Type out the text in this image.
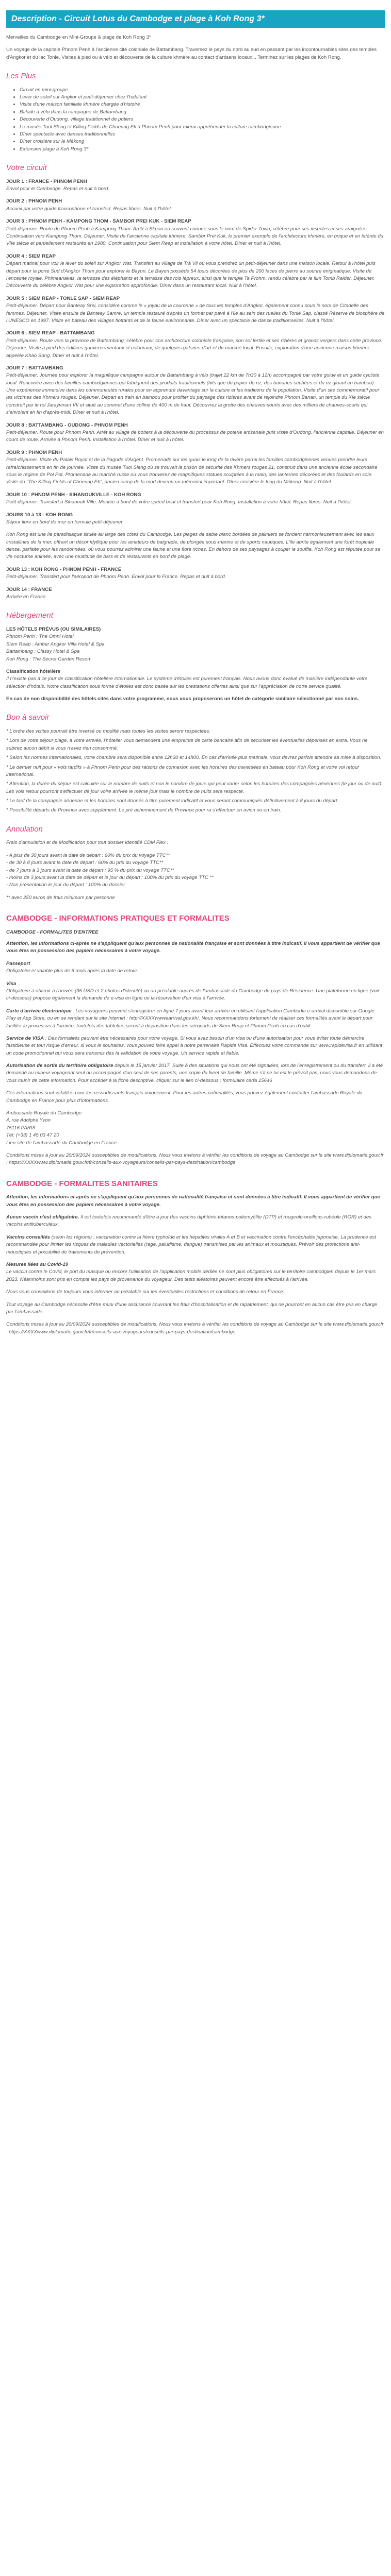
Description - Circuit Lotus du Cambodge et plage à Koh Rong 3*

Merveilles du Cambodge en Mini-Groupe & plage de Koh Rong 3*

Un voyage de la capitale Phnom Penh à l'ancienne cité coloniale de Battambang. Traversez le pays du nord au sud en passant par les incontournables sites des temples d'Angkor et du lac Tonle. Visites à pied ou à vélo et découverte de la culture khmère au contact d'artisans locaux... Terminez sur les plages de Koh Rong.

Les Plus
• Circuit en mini-groupe
• Lever de soleil sur Angkor et petit-déjeuner chez l'habitant
• Visite d'une maison familiale khmère chargée d'histoire
• Balade à vélo dans la campagne de Battambang
• Découverte d'Oudong, village traditionnel de potiers
• Le musée Tuol Sleng et Killing Fields de Choeung Ek à Phnom Penh pour mieux appréhender la culture cambodgienne
• Dîner spectacle avec danses traditionnelles
• Dîner croisière sur le Mékong
• Extension plage à Koh Rong 3*
Votre circuit
JOUR 1 : FRANCE - PHNOM PENH

Envol pour le Cambodge. Repas et nuit à bord.

JOUR 2 : PHNOM PENH

Accueil par votre guide francophone et transfert. Repas libres. Nuit à l'hôtel.

JOUR 3 : PHNOM PENH - KAMPONG THOM - SAMBOR PREI KUK - SIEM REAP

Petit-déjeuner. Route de Phnom Penh à Kampong Thom. Arrêt à Skuon où souvent connue sous le nom de Spider Town, célèbre pour ses insectes et ses araignées. Continuation vers Kampong Thom. Déjeuner. Visite de l'ancienne capitale khmère, Sambor Prei Kuk, le premier exemple de l'architecture khmère, en brique et en latérite du VIIe siècle et partiellement restaurés en 1980. Continuation pour Siem Reap et installation à votre hôtel. Dîner et nuit à l'hôtel.

JOUR 4 : SIEM REAP

Départ matinal pour voir le lever du soleil sur Angkor Wat. Transfert au village de Trâ Vil où vous prendrez un petit-déjeuner dans une maison locale. Retour à l'hôtel puis départ pour la porte Sud d'Angkor Thom pour explorer le Bayon. Le Bayon possède 54 tours décorées de plus de 200 faces de pierre au sourire énigmatique. Visite de l'enceinte royale, Phimeanakas, la terrasse des éléphants et la terrasse des rois lépreux, ainsi que le temple Ta Prohm, rendu célèbre par le film Tomb Raider. Déjeuner. Découverte du célèbre Angkor Wat pour une exploration approfondie. Dîner dans un restaurant local. Nuit à l'hôtel.

JOUR 5 : SIEM REAP - TONLE SAP - SIEM REAP

Petit-déjeuner. Départ pour Banteay Srei, considéré comme le « joyau de la couronne » de tous les temples d'Angkor, également connu sous le nom de Citadelle des femmes. Déjeuner. Visite ensuite de Banteay Samre, un temple restauré d'après un format par pavé à l'île au sein des ruelles du Tonlé Sap, classé Réserve de biosphère de l'UNESCO en 1997. Visite en bateau des villages flottants et de la faune environnante. Dîner avec un spectacle de danse traditionnelles. Nuit à l'hôtel.

JOUR 6 : SIEM REAP - BATTAMBANG

Petit-déjeuner. Route vers la province de Battambang, célèbre pour son architecture coloniale française, son sol fertile et ses rizières et grands vergers dans cette province. Déjeuner. Visite à pied des édifices gouvernementaux et coloniaux, de quelques galeries d'art et du marché local. Ensuite, exploration d'une ancienne maison khmère appelée Khao Song. Dîner et nuit à l'hôtel.

JOUR 7 : BATTAMBANG

Petit-déjeuner. Journée pour explorer la magnifique campagne autour de Battambang à vélo (trajet 22 km de 7h30 à 12h) accompagné par votre guide et un guide cycliste local. Rencontre avec des familles cambodgiennes qui fabriquent des produits traditionnels (bits que du papier de riz, des bananes séchées et du riz gluant en bambou). Une expérience immersive dans les communautés rurales pour en apprendre davantage sur la culture et les traditions de la population. Visite d'un site commémoratif pour les victimes des Khmers rouges. Déjeuner. Départ en train en bambou pour profiter du paysage des rizières avant de rejoindre Phnom Banan, un temple du XIe siècle construit par le roi Jarayvman VII et situé au sommet d'une colline de 400 m de haut. Découvrez la grotte des chauves-souris avec des milliers de chauves-souris qui s'envolent en fin d'après-midi. Dîner et nuit à l'hôtel.

JOUR 8 : BATTAMBANG - OUDONG - PHNOM PENH

Petit-déjeuner. Route pour Phnom Penh. Arrêt au village de potiers à la découverte du processus de poterie artisanale puis visite d'Oudong, l'ancienne capitale. Déjeuner en cours de route. Arrivée à Phnom Penh. Installation à l'hôtel. Dîner et nuit à l'hôtel.

JOUR 9 : PHNOM PENH

Petit-déjeuner. Visite du Palais Royal et de la Pagode d'Argent. Promenade sur les quais le long de la rivière parmi les familles cambodgiennes venues prendre leurs rafraîchissements en fin de journée. Visite du musée Tuol Sleng où se trouvait la prison de sécurité des Khmers rouges 21, construit dans une ancienne école secondaire sous le régime de Pol Pot. Promenade au marché russe où vous trouverez de magnifiques statues sculptées à la main, des lanternes décorées et des foulards en soie. Visite du "The Killing Fields of Choeung Ek", ancien camp de la mort devenu un mémorial important. Dîner croisière le long du Mékong. Nuit à l'hôtel.

JOUR 10 : PHNOM PENH - SIHANOUKVILLE - KOH RONG

Petit-déjeuner. Transfert à Sihanouk Ville. Montée à bord de votre speed boat et transfert pour Koh Rong. Installation à votre hôtel. Repas libres. Nuit à l'hôtel.

JOURS 10 à 13 : KOH RONG

Séjour libre en bord de mer en formule petit-déjeuner.

Koh Rong est une île paradisiaque située au large des côtes du Cambodge. Les plages de sable blanc bordées de palmiers se fondent harmonieusement avec les eaux cristallines de la mer, offrant un décor idyllique pour les amateurs de baignade, de plongée sous-marine et de sports nautiques. L'île abrite également une forêt tropicale dense, parfaite pour les randonnées, où vous pourrez admirer une faune et une flore riches. En dehors de ses paysages à couper le souffle, Koh Rong est réputée pour sa vie nocturne animée, avec une multitude de bars et de restaurants en bord de plage.

JOUR 13 : KOH RONG - PHNOM PENH - FRANCE

Petit-déjeuner. Transfert pour l'aéroport de Phnom Penh. Envol pour la France. Repas et nuit à bord.

JOUR 14 : FRANCE

Arrivée en France.

Hébergement
LES HÔTELS PRÉVUS (OU SIMILAIRES)
Phnom Penh : The Omni Hotel
Siem Reap : Amber Angkor Villa Hotel & Spa
Battambang : Classy Hotel & Spa
Koh Rong : The Secret Garden Resort
Classification hôtelière

Il n'existe pas à ce jour de classification hôtelière internationale. Le système d'étoiles est purement français. Nous avons donc évalué de manière indépendante votre sélection d'hôtels. Notre classification sous forme d'étoiles est donc basée sur les prestations offertes ainsi que sur l'appréciation de notre service qualité.

En cas de non disponibilité des hôtels cités dans votre programme, nous vous proposerons un hôtel de catégorie similaire sélectionné par nos soins.

Bon à savoir

* L'ordre des visites pourrait être inversé ou modifié mais toutes les visites seront respectées.

* Lors de votre séjour plage, à votre arrivée, l'hôtelier vous demandera une empreinte de carte bancaire afin de sécuriser les éventuelles dépenses en extra. Vous ne subirez aucun débit si vous n'avez rien consommé.

* Selon les normes internationales, votre chambre sera disponible entre 12h30 et 14h00. En cas d'arrivée plus matinale, vous devrez parfois attendre sa mise à disposition.

* Le dernier nuit pour « vols tardifs » à Phnom Penh pour des raisons de connexion avec les horaires des traversées en bateau pour Koh Rong et votre vol retour international.

* Attention, la durée du séjour est calculée sur le nombre de nuits et non le nombre de jours qui peut varier selon les horaires des compagnies aériennes (le jour ou de nuit). Les vols retour pourront s'effectuer de jour voire arrivée le même jour mais le nombre de nuits sera respecté.

* Le tarif de la compagnie aérienne et les horaires sont donnés à titre purement indicatif et vous seront communiqués définitivement à 8 jours du départ.

* Possibilité départs de Province avec supplément. Le pré acheminement de Province pour ra s'effectuer en avion ou en train.

Annulation

Frais d'annulation et de Modification pour tout dossier Identifié CDM Flex :

- A plus de 30 jours avant la date de départ : 60% du prix du voyage TTC**
- de 30 à 8 jours avant la date de départ : 60% du prix du voyage TTC**
- de 7 jours à 3 jours avant la date de départ : 95 % du prix du voyage TTC**
- moins de 3 jours avant la date de départ et le jour du départ : 100% du prix du voyage TTC **
- Non présentation le jour du départ : 100% du dossier

** avec 250 euros de frais minimum par personne

CAMBODGE - INFORMATIONS PRATIQUES ET FORMALITES
CAMBODGE - FORMALITES D'ENTREE

Attention, les informations ci-après ne s'appliquent qu'aux personnes de nationalité française et sont données à titre indicatif. Il vous appartient de vérifier que vous êtes en possession des papiers nécessaires à votre voyage.

Passeport

Obligatoire et valable plus de 6 mois après la date de retour.

Visa

Obligatoire à obtenir à l'arrivée (35 USD et 2 photos d'identité) ou au préalable auprès de l'ambassade du Cambodge du pays de Résidence. Une plateforme en ligne (voir ci-dessous) propose également la demande de e-visa en ligne ou la réservation d'un visa à l'arrivée.

Carte d'arrivée électronique : Les voyageurs peuvent s'enregistrer en ligne 7 jours avant leur arrivée en utilisant l'application Cambodia e-arrival disponible sur Google Play et App Store, ou en se rendant sur le site Internet : http://XXXXwwwearrival.gov.kh/. Nous recommandons fortement de réaliser ces formalités avant le départ pour faciliter le processus à l'arrivée; toutefois des tablettes seront à disposition dans les aéroports de Siem Reap et Phnom Penh en cas d'oubli.

Service de VISA : Des formalités peuvent être nécessaires pour votre voyage. Si vous avez besoin d'un visa ou d'une autorisation pour vous éviter toute démarche fastidieuse et tout risque d'erreur, si vous le souhaitez, vous pouvez faire appel à notre partenaire Rapide Visa. Effectuez votre commande sur www.rapidevisa.fr en utilisant un code promotionnel qui vous sera transmis dès la validation de votre voyage. Un service rapide et fiable.

Autorisation de sortie du territoire obligatoire depuis le 15 janvier 2017. Suite à des situations qui nous ont été signalées, lors de l'enregistrement ou du transfert, il a été demandé au mineur voyageant seul ou accompagné d'un seul de ses parents, une copie du livret de famille. Même s'il ne lui est le prévoit pas, nous vous demandons de vous munir de cette information. Pour accéder à la fiche descriptive, cliquer sur le lien ci-dessous : formulaire cerfa 15646

Ces informations sont valables pour les ressortissants français uniquement. Pour les autres nationalités, vous pouvez également contacter l'ambassade Royale du Cambodge en France pour plus d'informations.

Ambassade Royale du Cambodge
4, rue Adolphe Yvon
75116 PARIS
Tél: (+33) 1 45 03 47 20
Lien site de l'ambassade du Cambodge en France

Conditions mises à jour au 20/09/2024 susceptibles de modifications. Nous vous invitons à vérifier les conditions de voyage au Cambodge sur le site www.diplomatie.gouv.fr : https://XXXXwww.diplomatie.gouv.fr/fr/conseils-aux-voyageurs/conseils-par-pays-destination/cambodge

CAMBODGE - FORMALITES SANITAIRES

Attention, les informations ci-après ne s'appliquent qu'aux personnes de nationalité française et sont données à titre indicatif. Il vous appartient de vérifier que vous êtes en possession des papiers nécessaires à votre voyage.

Aucun vaccin n'est obligatoire. Il est toutefois recommandé d'être à jour des vaccins diphtérie-tétanos-poliomyélite (DTP) et rougeole-oreillons-rubéole (ROR) et des vaccins antituberculeux.

Vaccins conseillés (selon les régions) : vaccination contre la fièvre typhoïde et les hépatites virales A et B et vaccination contre l'encéphalite japonaise. La prudence est recommandée pour limiter les risques de maladies vectorielles (rage, paludisme, dengue) transmises par les animaux et moustiques. Prévoir des protections anti-moustiques et possibilité de traitements de prévention.

Mesures liées au Covid-19

Le vaccin contre le Covid, le port du masque ou encore l'utilisation de l'application mobile dédiée ne sont plus obligatoires sur le territoire cambodgien depuis le 1er mars 2023. Néanmoins sont pris en compte les pays de provenance du voyageur. Des tests aléatoires peuvent encore être effectués à l'arrivée.

Nous vous conseillons de toujours vous informer au préalable sur les éventuelles restrictions et conditions de retour en France.

Tout voyage au Cambodge nécessite d'être muni d'une assurance couvrant les frais d'hospitalisation et de rapatriement, qui ne pourront en aucun cas être pris en charge par l'ambassade.

Conditions mises à jour au 20/09/2024 susceptibles de modifications. Nous vous invitons à vérifier les conditions de voyage au Cambodge sur le site www.diplomatie.gouv.fr : https://XXXXwww.diplomatie.gouv.fr/fr/conseils-aux-voyageurs/conseils-par-pays-destination/cambodge
